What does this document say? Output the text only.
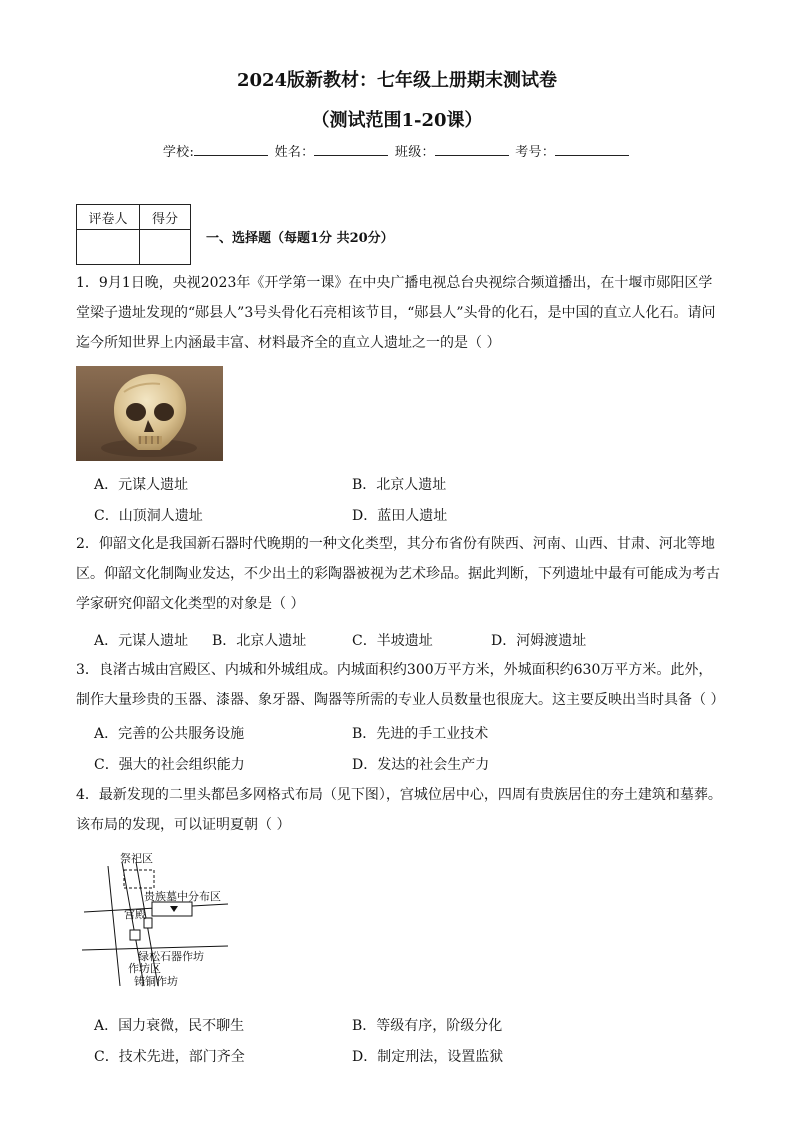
2024版新教材：七年级上册期末测试卷
（测试范围1-20课）
学校:	姓名：	班级：	考号：
评卷人	得分

一、选择题（每题1分 共20分）
1．9月1日晚，央视2023年《开学第一课》在中央广播电视总台央视综合频道播出，在十堰市郧阳区学
堂梁子遗址发现的“郧县人”3号头骨化石亮相该节目，“郧县人”头骨的化石，是中国的直立人化石。请问
迄今所知世界上内涵最丰富、材料最齐全的直立人遗址之一的是（ ）
A．元谋人遗址	B．北京人遗址
C．山顶洞人遗址	D．蓝田人遗址
2．仰韶文化是我国新石器时代晚期的一种文化类型，其分布省份有陕西、河南、山西、甘肃、河北等地
区。仰韶文化制陶业发达，不少出土的彩陶器被视为艺术珍品。据此判断，下列遗址中最有可能成为考古
学家研究仰韶文化类型的对象是（ ）
A．元谋人遗址 B．北京人遗址	C．半坡遗址	D．河姆渡遗址
3．良渚古城由宫殿区、内城和外城组成。内城面积约300万平方米，外城面积约630万平方米。此外，
制作大量珍贵的玉器、漆器、象牙器、陶器等所需的专业人员数量也很庞大。这主要反映出当时具备（ ）
A．完善的公共服务设施	B．先进的手工业技术
C．强大的社会组织能力	D．发达的社会生产力
4．最新发现的二里头都邑多网格式布局（见下图），宫城位居中心，四周有贵族居住的夯土建筑和墓葬。
该布局的发现，可以证明夏朝（ ）
祭祀区
贵族墓中分布区
宫殿
绿松石器作坊
作坊区
铸铜作坊
A．国力衰微，民不聊生	B．等级有序，阶级分化
C．技术先进，部门齐全	D．制定刑法，设置监狱
